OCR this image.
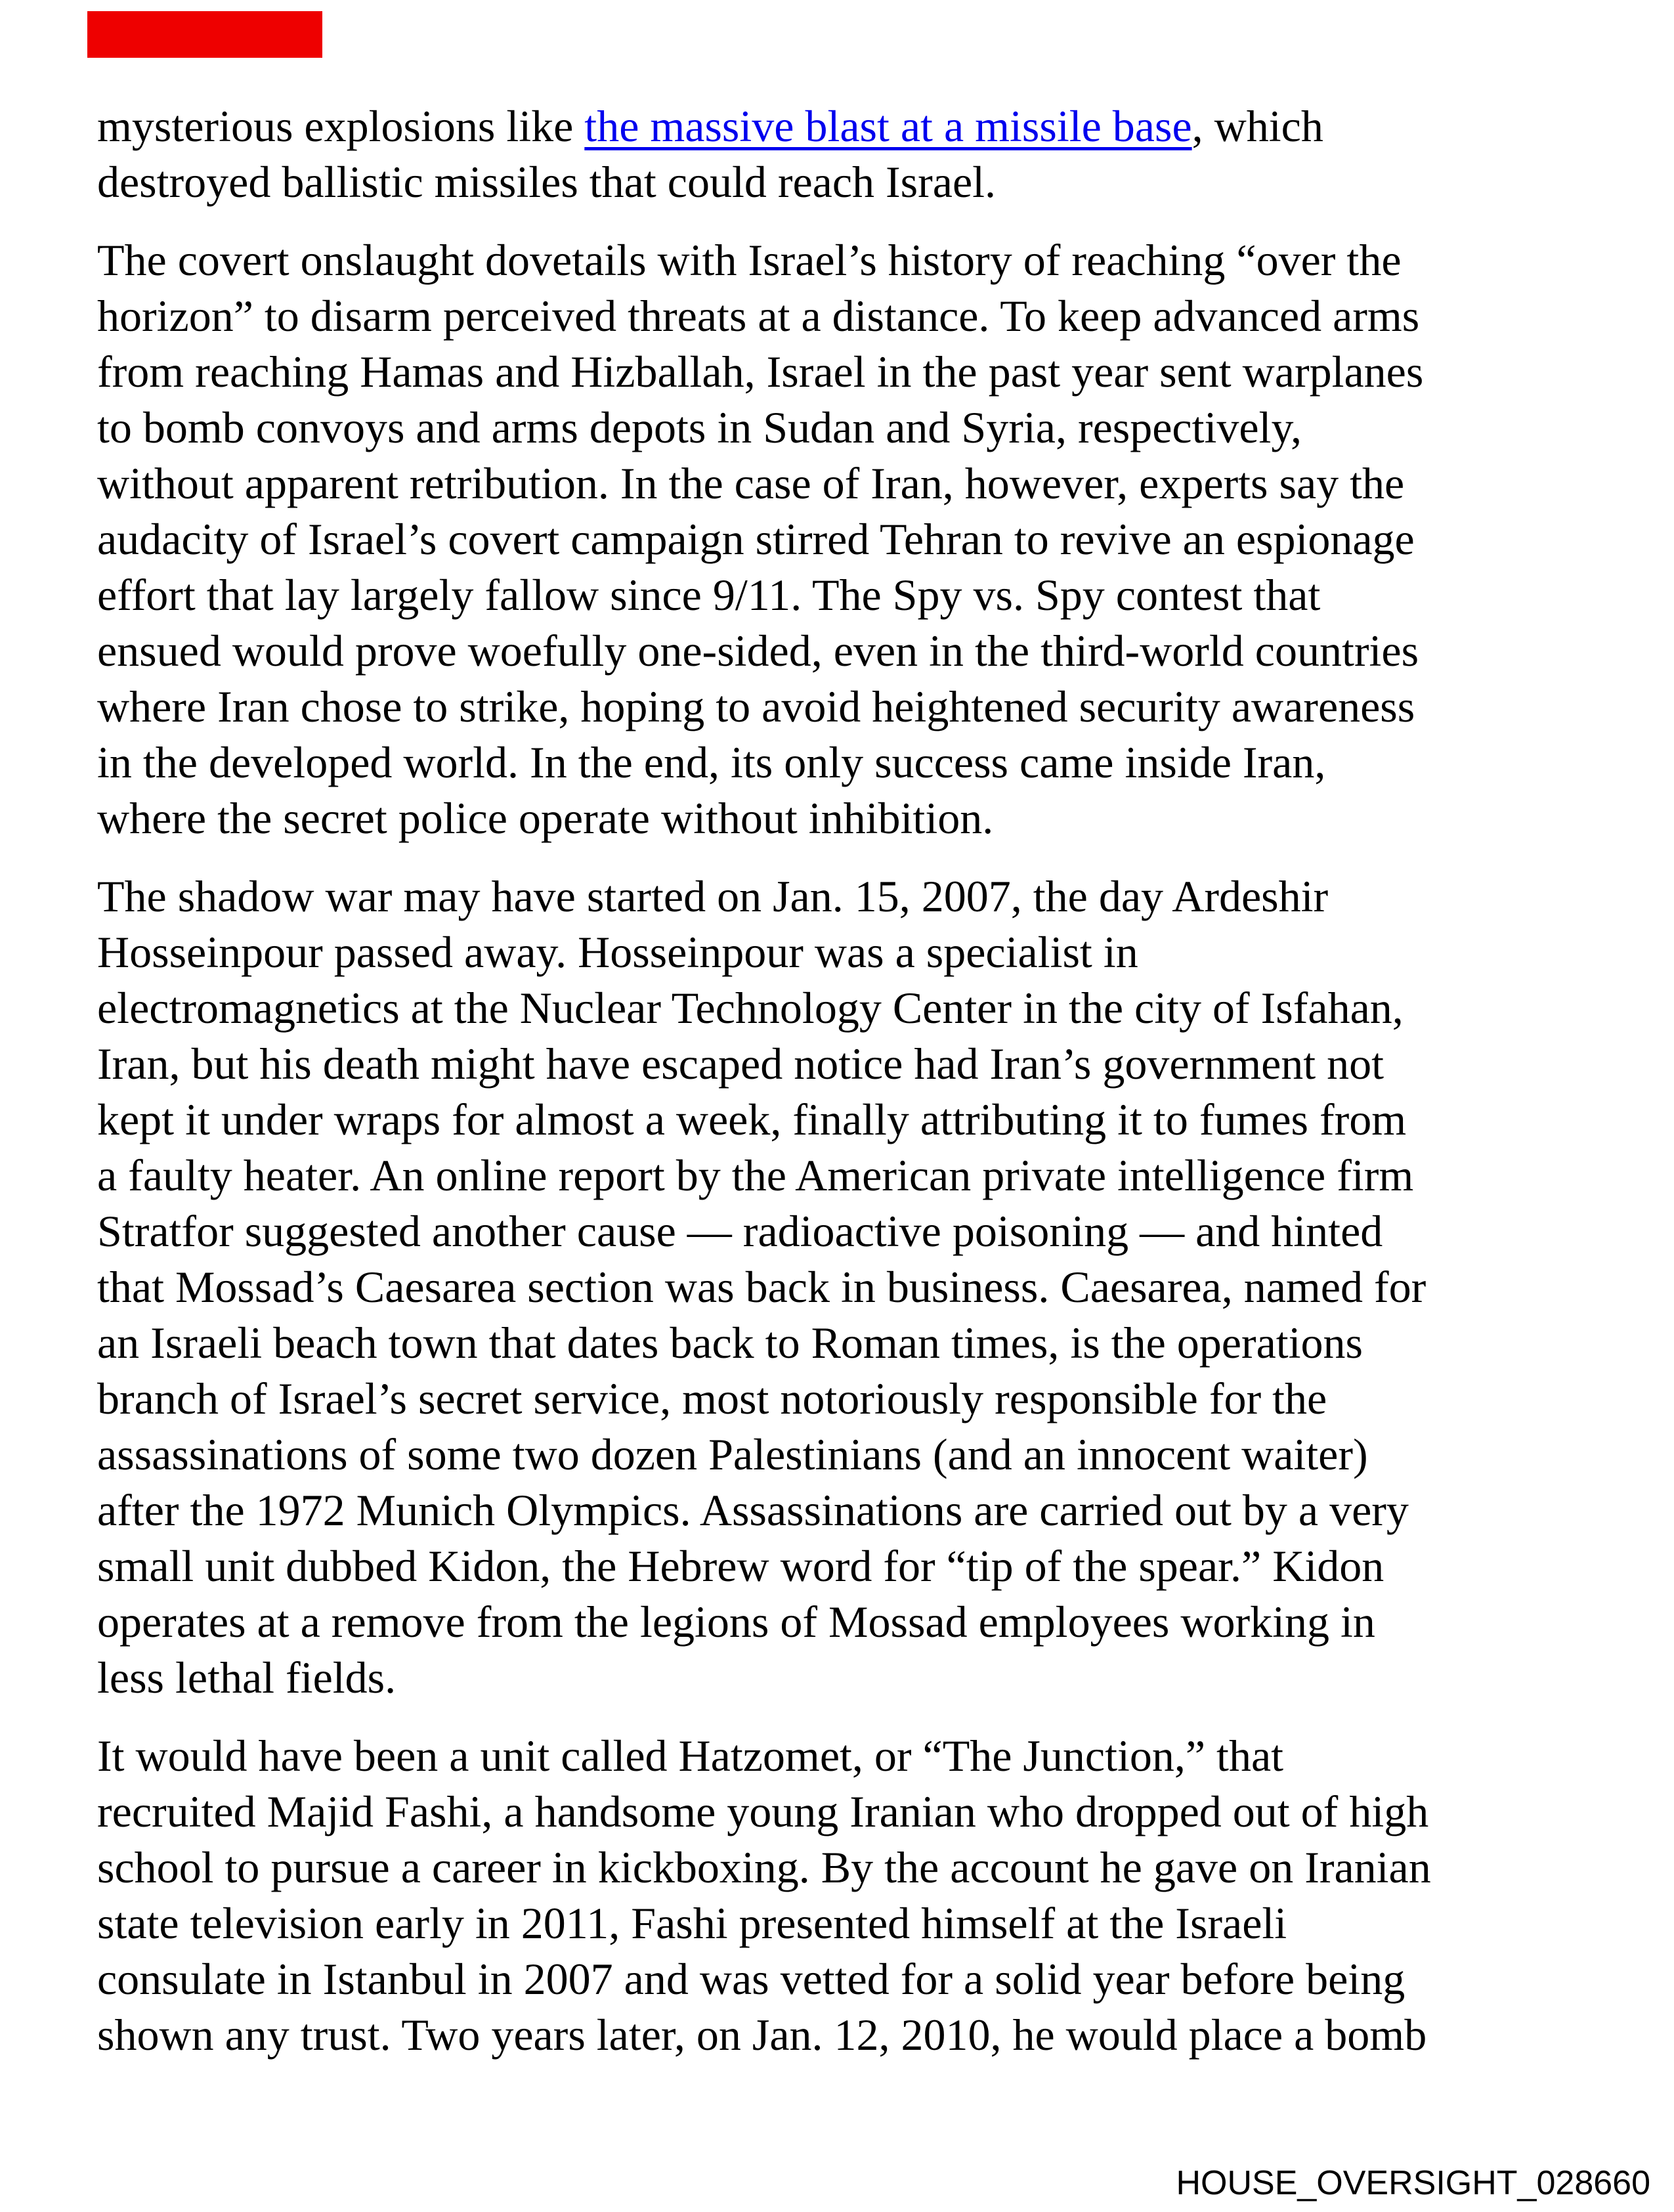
mysterious explosions like the massive blast at a missile base, which
destroyed ballistic missiles that could reach Israel.
The covert onslaught dovetails with Israel’s history of reaching “over the
horizon” to disarm perceived threats at a distance. To keep advanced arms
from reaching Hamas and Hizballah, Israel in the past year sent warplanes
to bomb convoys and arms depots in Sudan and Syria, respectively,
without apparent retribution. In the case of Iran, however, experts say the
audacity of Israel’s covert campaign stirred Tehran to revive an espionage
effort that lay largely fallow since 9/11. The Spy vs. Spy contest that
ensued would prove woefully one-sided, even in the third-world countries
where Iran chose to strike, hoping to avoid heightened security awareness
in the developed world. In the end, its only success came inside Iran,
where the secret police operate without inhibition.
The shadow war may have started on Jan. 15, 2007, the day Ardeshir
Hosseinpour passed away. Hosseinpour was a specialist in
electromagnetics at the Nuclear Technology Center in the city of Isfahan,
Iran, but his death might have escaped notice had Iran’s government not
kept it under wraps for almost a week, finally attributing it to fumes from
a faulty heater. An online report by the American private intelligence firm
Stratfor suggested another cause — radioactive poisoning — and hinted
that Mossad’s Caesarea section was back in business. Caesarea, named for
an Israeli beach town that dates back to Roman times, is the operations
branch of Israel’s secret service, most notoriously responsible for the
assassinations of some two dozen Palestinians (and an innocent waiter)
after the 1972 Munich Olympics. Assassinations are carried out by a very
small unit dubbed Kidon, the Hebrew word for “tip of the spear.” Kidon
operates at a remove from the legions of Mossad employees working in
less lethal fields.
It would have been a unit called Hatzomet, or “The Junction,” that
recruited Majid Fashi, a handsome young Iranian who dropped out of high
school to pursue a career in kickboxing. By the account he gave on Iranian
state television early in 2011, Fashi presented himself at the Israeli
consulate in Istanbul in 2007 and was vetted for a solid year before being
shown any trust. Two years later, on Jan. 12, 2010, he would place a bomb
HOUSE_OVERSIGHT_028660
